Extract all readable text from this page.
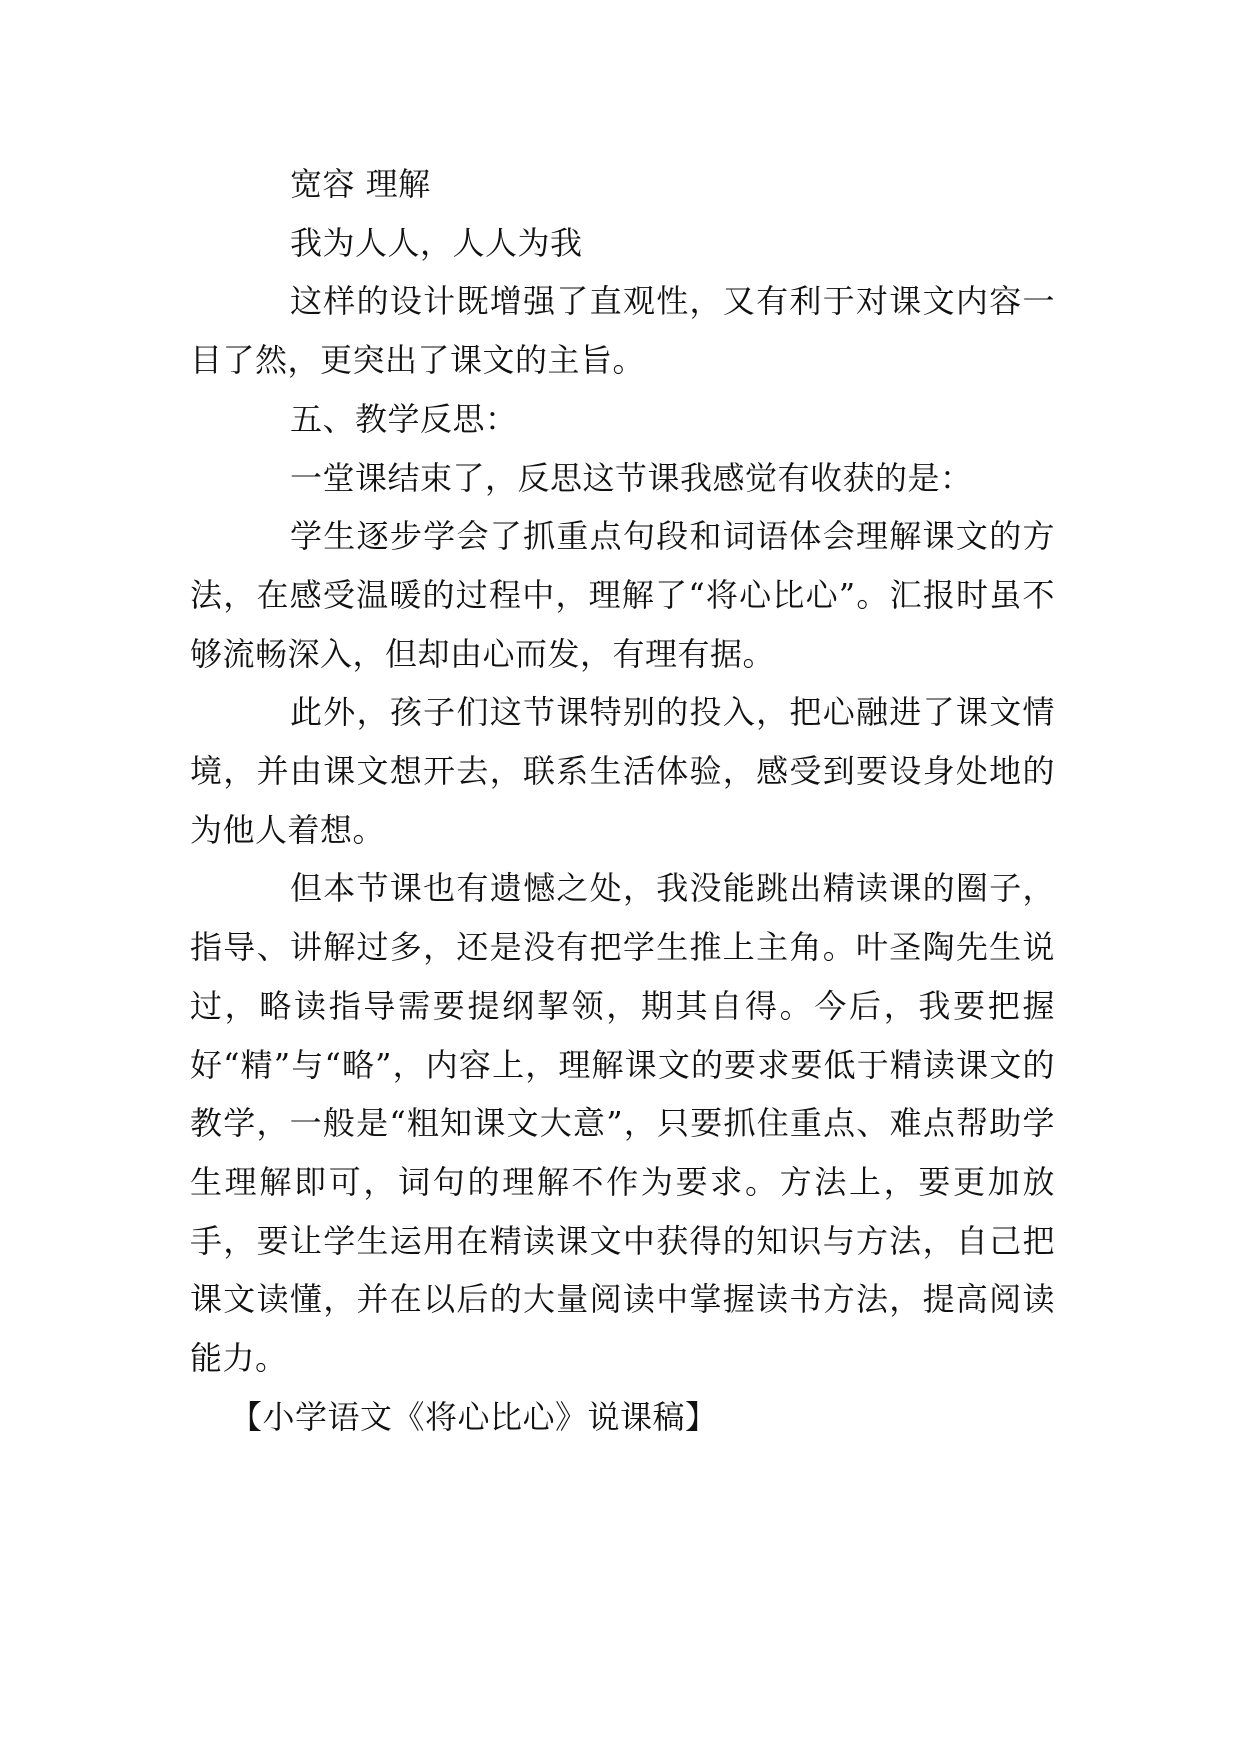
宽容 理解

我为人人，人人为我

这样的设计既增强了直观性，又有利于对课文内容一目了然，更突出了课文的主旨。

五、教学反思：

一堂课结束了，反思这节课我感觉有收获的是：

学生逐步学会了抓重点句段和词语体会理解课文的方法，在感受温暖的过程中，理解了“将心比心”。汇报时虽不够流畅深入，但却由心而发，有理有据。

此外，孩子们这节课特别的投入，把心融进了课文情境，并由课文想开去，联系生活体验，感受到要设身处地的为他人着想。

但本节课也有遗憾之处，我没能跳出精读课的圈子，指导、讲解过多，还是没有把学生推上主角。叶圣陶先生说过，略读指导需要提纲挈领，期其自得。今后，我要把握好“精”与“略”，内容上，理解课文的要求要低于精读课文的教学，一般是“粗知课文大意”，只要抓住重点、难点帮助学生理解即可，词句的理解不作为要求。方法上，要更加放手，要让学生运用在精读课文中获得的知识与方法，自己把课文读懂，并在以后的大量阅读中掌握读书方法，提高阅读能力。

【小学语文《将心比心》说课稿】
